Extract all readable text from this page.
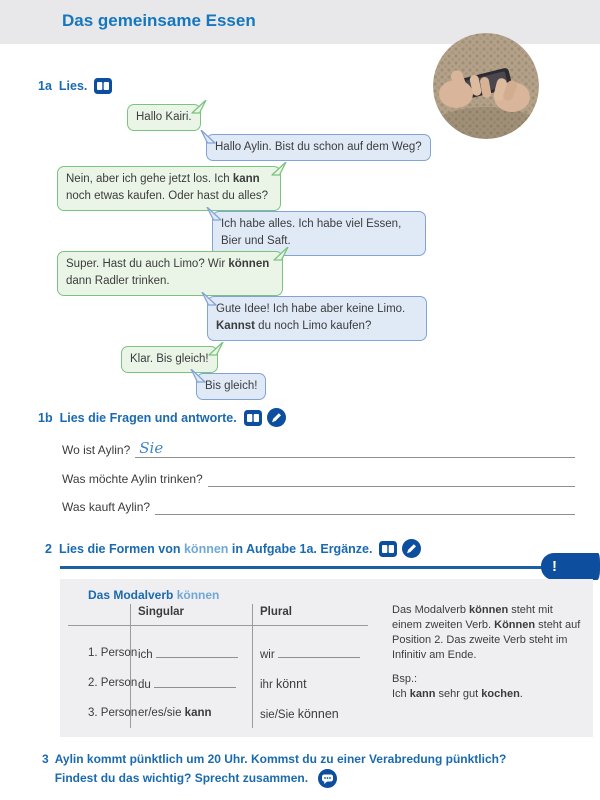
Das gemeinsame Essen
1a Lies.
Hallo Kairi.
Hallo Aylin. Bist du schon auf dem Weg?
Nein, aber ich gehe jetzt los. Ich kann noch etwas kaufen. Oder hast du alles?
Ich habe alles. Ich habe viel Essen, Bier und Saft.
Super. Hast du auch Limo? Wir können dann Radler trinken.
Gute Idee! Ich habe aber keine Limo. Kannst du noch Limo kaufen?
Klar. Bis gleich!
Bis gleich!
1b Lies die Fragen und antworte.
Wo ist Aylin? Sie
Was möchte Aylin trinken?
Was kauft Aylin?
2 Lies die Formen von können in Aufgabe 1a. Ergänze.
!
Das Modalverb können
Singular	Plural
1. Person ich	wir
2. Person du	ihr könnt
3. Person er/es/sie kann	sie/Sie können
Das Modalverb können steht mit einem zweiten Verb. Können steht auf Position 2. Das zweite Verb steht im Infinitiv am Ende.
Bsp.:
Ich kann sehr gut kochen.
3 Aylin kommt pünktlich um 20 Uhr. Kommst du zu einer Verabredung pünktlich?
Findest du das wichtig? Sprecht zusammen.
